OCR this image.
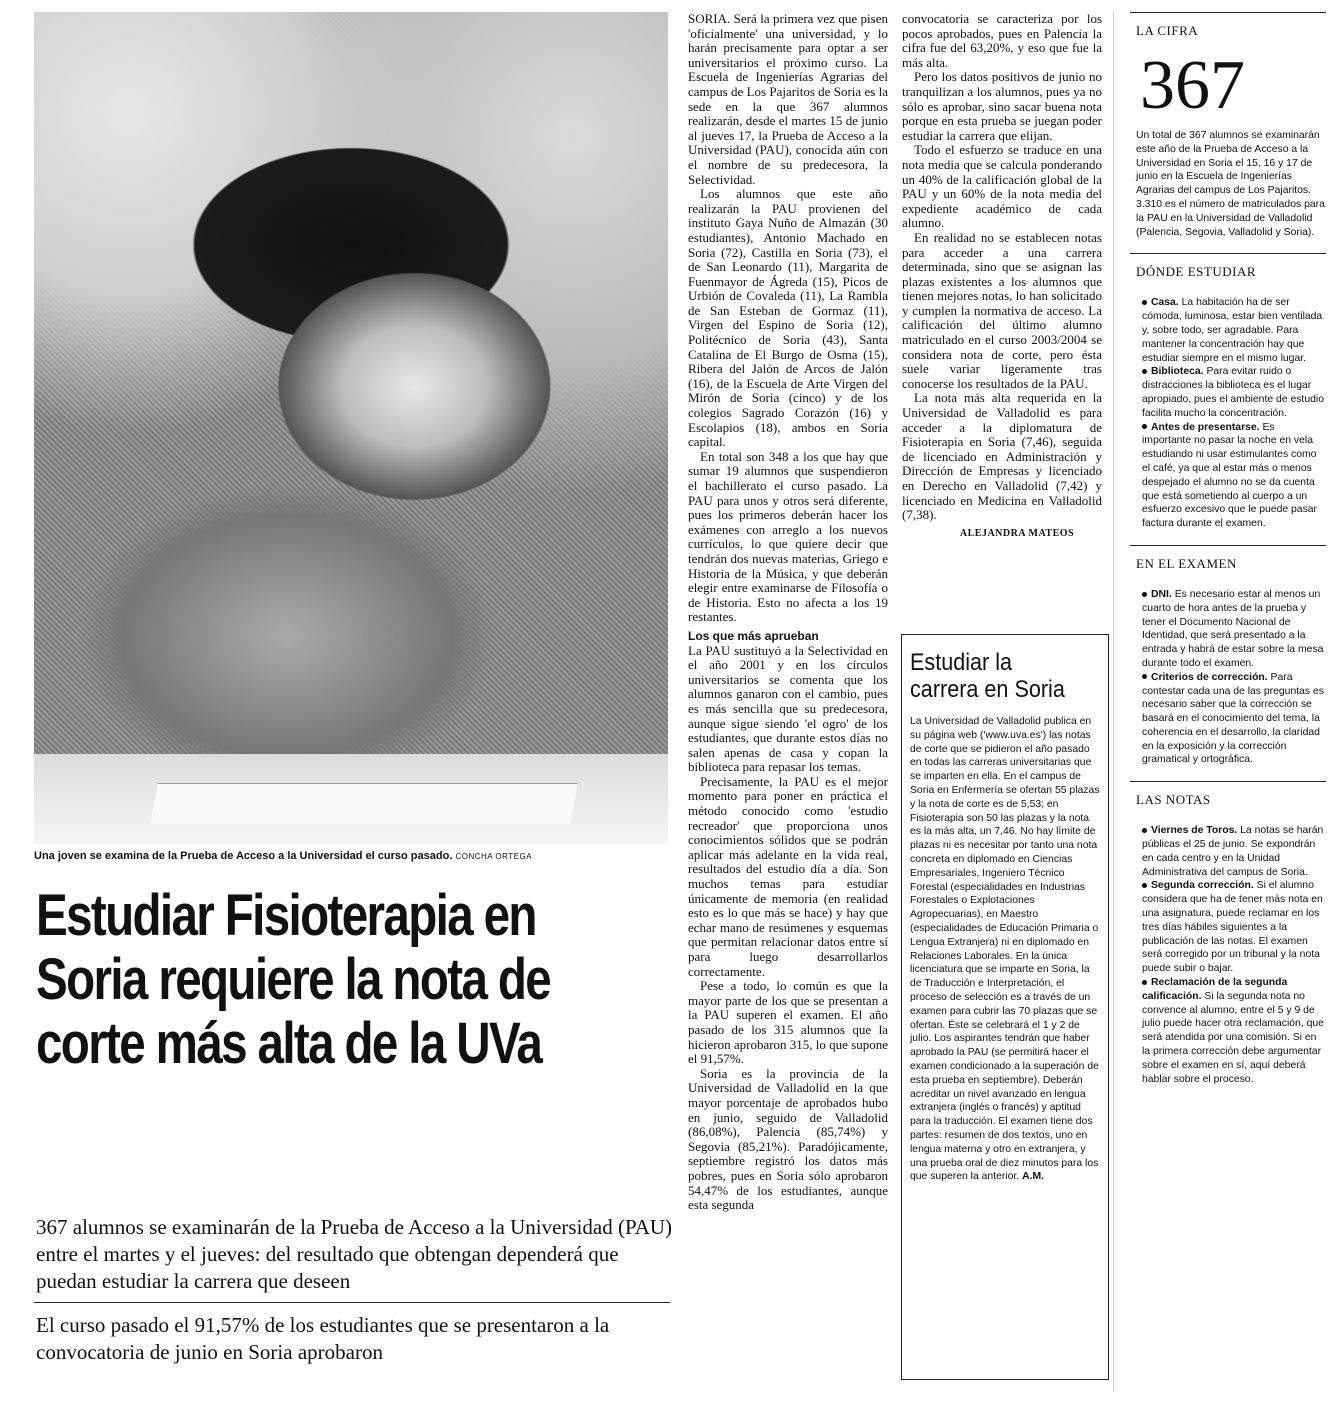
Una joven se examina de la Prueba de Acceso a la Universidad el curso pasado. CONCHA ORTEGA
Estudiar Fisioterapia en Soria requiere la nota de corte más alta de la UVa

367 alumnos se examinarán de la Prueba de Acceso a la Universidad (PAU) entre el martes y el jueves: del resultado que obtengan dependerá que puedan estudiar la carrera que deseen

El curso pasado el 91,57% de los estudiantes que se presentaron a la convocatoria de junio en Soria aprobaron

SORIA. Será la primera vez que pisen 'oficialmente' una universidad, y lo harán precisamente para optar a ser universitarios el próximo curso. La Escuela de Ingenierías Agrarias del campus de Los Pajaritos de Soria es la sede en la que 367 alumnos realizarán, desde el martes 15 de junio al jueves 17, la Prueba de Acceso a la Universidad (PAU), conocida aún con el nombre de su predecesora, la Selectividad.

Los alumnos que este año realizarán la PAU provienen del instituto Gaya Nuño de Almazán (30 estudiantes), Antonio Machado en Soria (72), Castilla en Soria (73), el de San Leonardo (11), Margarita de Fuenmayor de Ágreda (15), Picos de Urbión de Covaleda (11), La Rambla de San Esteban de Gormaz (11), Virgen del Espino de Soria (12), Politécnico de Soria (43), Santa Catalina de El Burgo de Osma (15), Ribera del Jalón de Arcos de Jalón (16), de la Escuela de Arte Virgen del Mirón de Soria (cinco) y de los colegios Sagrado Corazón (16) y Escolapios (18), ambos en Soria capital.

En total son 348 a los que hay que sumar 19 alumnos que suspendieron el bachillerato el curso pasado. La PAU para unos y otros será diferente, pues los primeros deberán hacer los exámenes con arreglo a los nuevos currículos, lo que quiere decir que tendrán dos nuevas materias, Griego e Historia de la Música, y que deberán elegir entre examinarse de Filosofía o de Historia. Esto no afecta a los 19 restantes.

Los que más aprueban

La PAU sustituyó a la Selectividad en el año 2001 y en los círculos universitarios se comenta que los alumnos ganaron con el cambio, pues es más sencilla que su predecesora, aunque sigue siendo 'el ogro' de los estudiantes, que durante estos días no salen apenas de casa y copan la biblioteca para repasar los temas.

Precisamente, la PAU es el mejor momento para poner en práctica el método conocido como 'estudio recreador' que proporciona unos conocimientos sólidos que se podrán aplicar más adelante en la vida real, resultados del estudio día a día. Son muchos temas para estudiar únicamente de memoria (en realidad esto es lo que más se hace) y hay que echar mano de resúmenes y esquemas que permitan relacionar datos entre sí para luego desarrollarlos correctamente.

Pese a todo, lo común es que la mayor parte de los que se presentan a la PAU superen el examen. El año pasado de los 315 alumnos que la hicieron aprobaron 315, lo que supone el 91,57%.

Soria es la provincia de la Universidad de Valladolid en la que mayor porcentaje de aprobados hubo en junio, seguido de Valladolid (86,08%), Palencia (85,74%) y Segovia (85,21%). Paradójicamente, septiembre registró los datos más pobres, pues en Soria sólo aprobaron 54,47% de los estudiantes, aunque esta segunda

convocatoria se caracteriza por los pocos aprobados, pues en Palencia la cifra fue del 63,20%, y eso que fue la más alta.

Pero los datos positivos de junio no tranquilizan a los alumnos, pues ya no sólo es aprobar, sino sacar buena nota porque en esta prueba se juegan poder estudiar la carrera que elijan.

Todo el esfuerzo se traduce en una nota media que se calcula ponderando un 40% de la calificación global de la PAU y un 60% de la nota media del expediente académico de cada alumno.

En realidad no se establecen notas para acceder a una carrera determinada, sino que se asignan las plazas existentes a los alumnos que tienen mejores notas, lo han solicitado y cumplen la normativa de acceso. La calificación del último alumno matriculado en el curso 2003/2004 se considera nota de corte, pero ésta suele variar ligeramente tras conocerse los resultados de la PAU.

La nota más alta requerida en la Universidad de Valladolid es para acceder a la diplomatura de Fisioterapia en Soria (7,46), seguida de licenciado en Administración y Dirección de Empresas y licenciado en Derecho en Valladolid (7,42) y licenciado en Medicina en Valladolid (7,38).

ALEJANDRA MATEOS
Estudiar la carrera en Soria

La Universidad de Valladolid publica en su página web ('www.uva.es') las notas de corte que se pidieron el año pasado en todas las carreras universitarias que se imparten en ella. En el campus de Soria en Enfermería se ofertan 55 plazas y la nota de corte es de 5,53; en Fisioterapia son 50 las plazas y la nota es la más alta, un 7,46. No hay límite de plazas ni es necesitar por tanto una nota concreta en diplomado en Ciencias Empresariales, Ingeniero Técnico Forestal (especialidades en Industrias Forestales o Explotaciones Agropecuarias), en Maestro (especialidades de Educación Primaria o Lengua Extranjera) ni en diplomado en Relaciones Laborales. En la única licenciatura que se imparte en Soria, la de Traducción e Interpretación, el proceso de selección es a través de un examen para cubrir las 70 plazas que se ofertan. Éste se celebrará el 1 y 2 de julio. Los aspirantes tendrán que haber aprobado la PAU (se permitirá hacer el examen condicionado a la superación de esta prueba en septiembre). Deberán acreditar un nivel avanzado en lengua extranjera (inglés o francés) y aptitud para la traducción. El examen tiene dos partes: resumen de dos textos, uno en lengua materna y otro en extranjera, y una prueba oral de diez minutos para los que superen la anterior. A.M.

LA CIFRA
367

Un total de 367 alumnos se examinarán este año de la Prueba de Acceso a la Universidad en Soria el 15, 16 y 17 de junio en la Escuela de Ingenierías Agrarias del campus de Los Pajaritos. 3.310 es el número de matriculados para la PAU en la Universidad de Valladolid (Palencia, Segovia, Valladolid y Soria).

DÓNDE ESTUDIAR

Casa. La habitación ha de ser cómoda, luminosa, estar bien ventilada y, sobre todo, ser agradable. Para mantener la concentración hay que estudiar siempre en el mismo lugar.

Biblioteca. Para evitar ruido o distracciones la biblioteca es el lugar apropiado, pues el ambiente de estudio facilita mucho la concentración.

Antes de presentarse. Es importante no pasar la noche en vela estudiando ni usar estimulantes como el café, ya que al estar más o menos despejado el alumno no se da cuenta que está sometiendo al cuerpo a un esfuerzo excesivo que le puede pasar factura durante el examen.

EN EL EXAMEN

DNI. Es necesario estar al menos un cuarto de hora antes de la prueba y tener el Documento Nacional de Identidad, que será presentado a la entrada y habrá de estar sobre la mesa durante todo el examen.

Criterios de corrección. Para contestar cada una de las preguntas es necesario saber que la corrección se basará en el conocimiento del tema, la coherencia en el desarrollo, la claridad en la exposición y la corrección gramatical y ortográfica.

LAS NOTAS

Viernes de Toros. La notas se harán públicas el 25 de junio. Se expondrán en cada centro y en la Unidad Administrativa del campus de Soria.

Segunda corrección. Si el alumno considera que ha de tener más nota en una asignatura, puede reclamar en los tres días hábiles siguientes a la publicación de las notas. El examen será corregido por un tribunal y la nota puede subir o bajar.

Reclamación de la segunda calificación. Si la segunda nota no convence al alumno, entre el 5 y 9 de julio puede hacer otra reclamación, que será atendida por una comisión. Si en la primera corrección debe argumentar sobre el examen en sí, aquí deberá hablar sobre el proceso.
